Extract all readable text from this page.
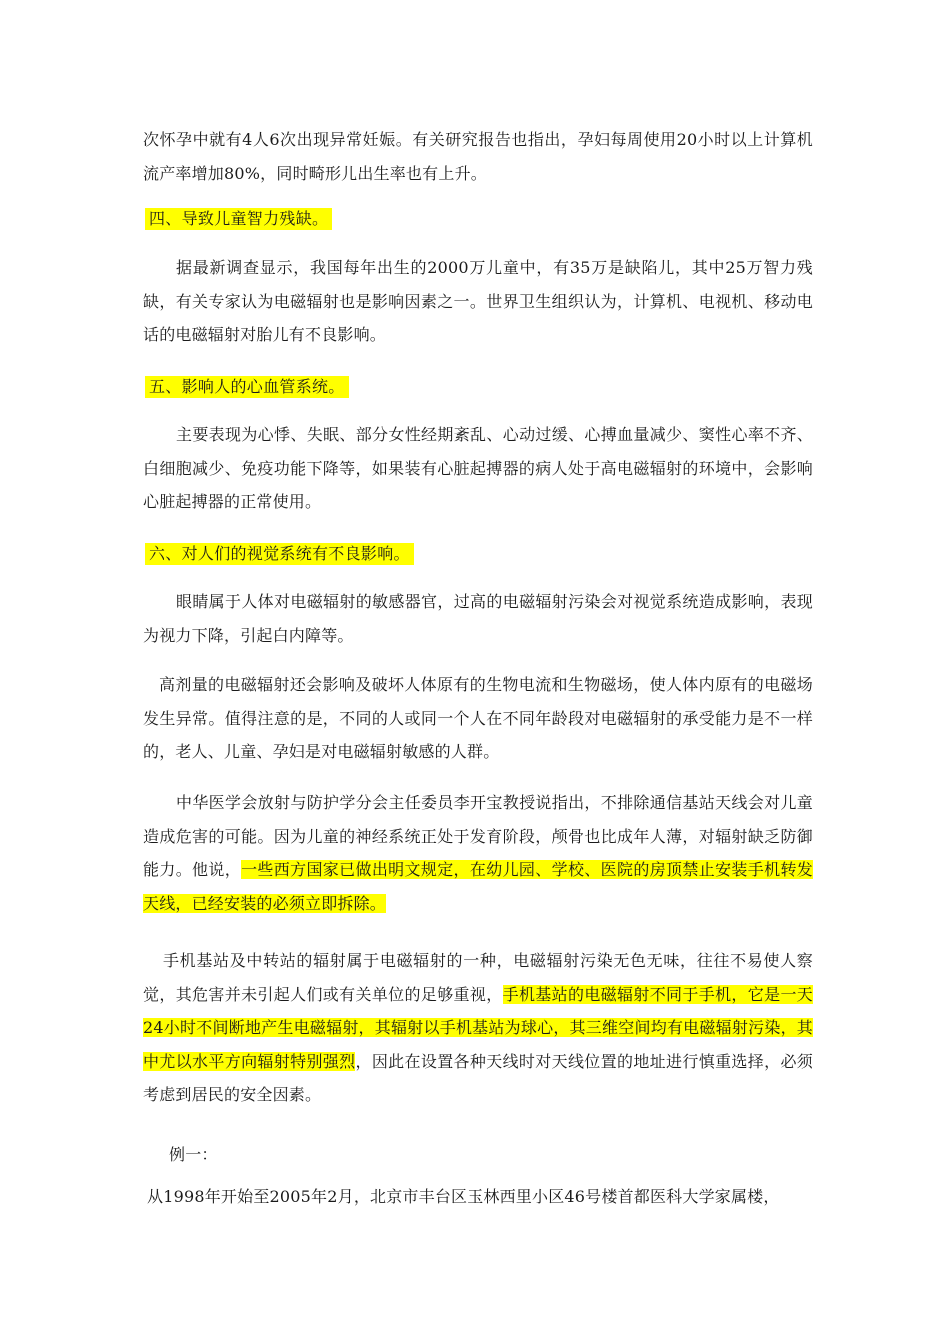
次怀孕中就有4人6次出现异常妊娠。有关研究报告也指出，孕妇每周使用20小时以上计算机流产率增加80%，同时畸形儿出生率也有上升。

四、导致儿童智力残缺。

据最新调查显示，我国每年出生的2000万儿童中，有35万是缺陷儿，其中25万智力残缺，有关专家认为电磁辐射也是影响因素之一。世界卫生组织认为，计算机、电视机、移动电话的电磁辐射对胎儿有不良影响。

五、影响人的心血管系统。

主要表现为心悸、失眠、部分女性经期紊乱、心动过缓、心搏血量减少、窦性心率不齐、白细胞减少、免疫功能下降等，如果装有心脏起搏器的病人处于高电磁辐射的环境中，会影响心脏起搏器的正常使用。

六、对人们的视觉系统有不良影响。

眼睛属于人体对电磁辐射的敏感器官，过高的电磁辐射污染会对视觉系统造成影响，表现为视力下降，引起白内障等。

高剂量的电磁辐射还会影响及破坏人体原有的生物电流和生物磁场，使人体内原有的电磁场发生异常。值得注意的是，不同的人或同一个人在不同年龄段对电磁辐射的承受能力是不一样的，老人、儿童、孕妇是对电磁辐射敏感的人群。

中华医学会放射与防护学分会主任委员李开宝教授说指出，不排除通信基站天线会对儿童造成危害的可能。因为儿童的神经系统正处于发育阶段，颅骨也比成年人薄，对辐射缺乏防御能力。他说，一些西方国家已做出明文规定，在幼儿园、学校、医院的房顶禁止安装手机转发天线，已经安装的必须立即拆除。

手机基站及中转站的辐射属于电磁辐射的一种，电磁辐射污染无色无味，往往不易使人察觉，其危害并未引起人们或有关单位的足够重视，手机基站的电磁辐射不同于手机，它是一天24小时不间断地产生电磁辐射，其辐射以手机基站为球心，其三维空间均有电磁辐射污染，其中尤以水平方向辐射特别强烈，因此在设置各种天线时对天线位置的地址进行慎重选择，必须考虑到居民的安全因素。

例一：

从1998年开始至2005年2月，北京市丰台区玉林西里小区46号楼首都医科大学家属楼，
